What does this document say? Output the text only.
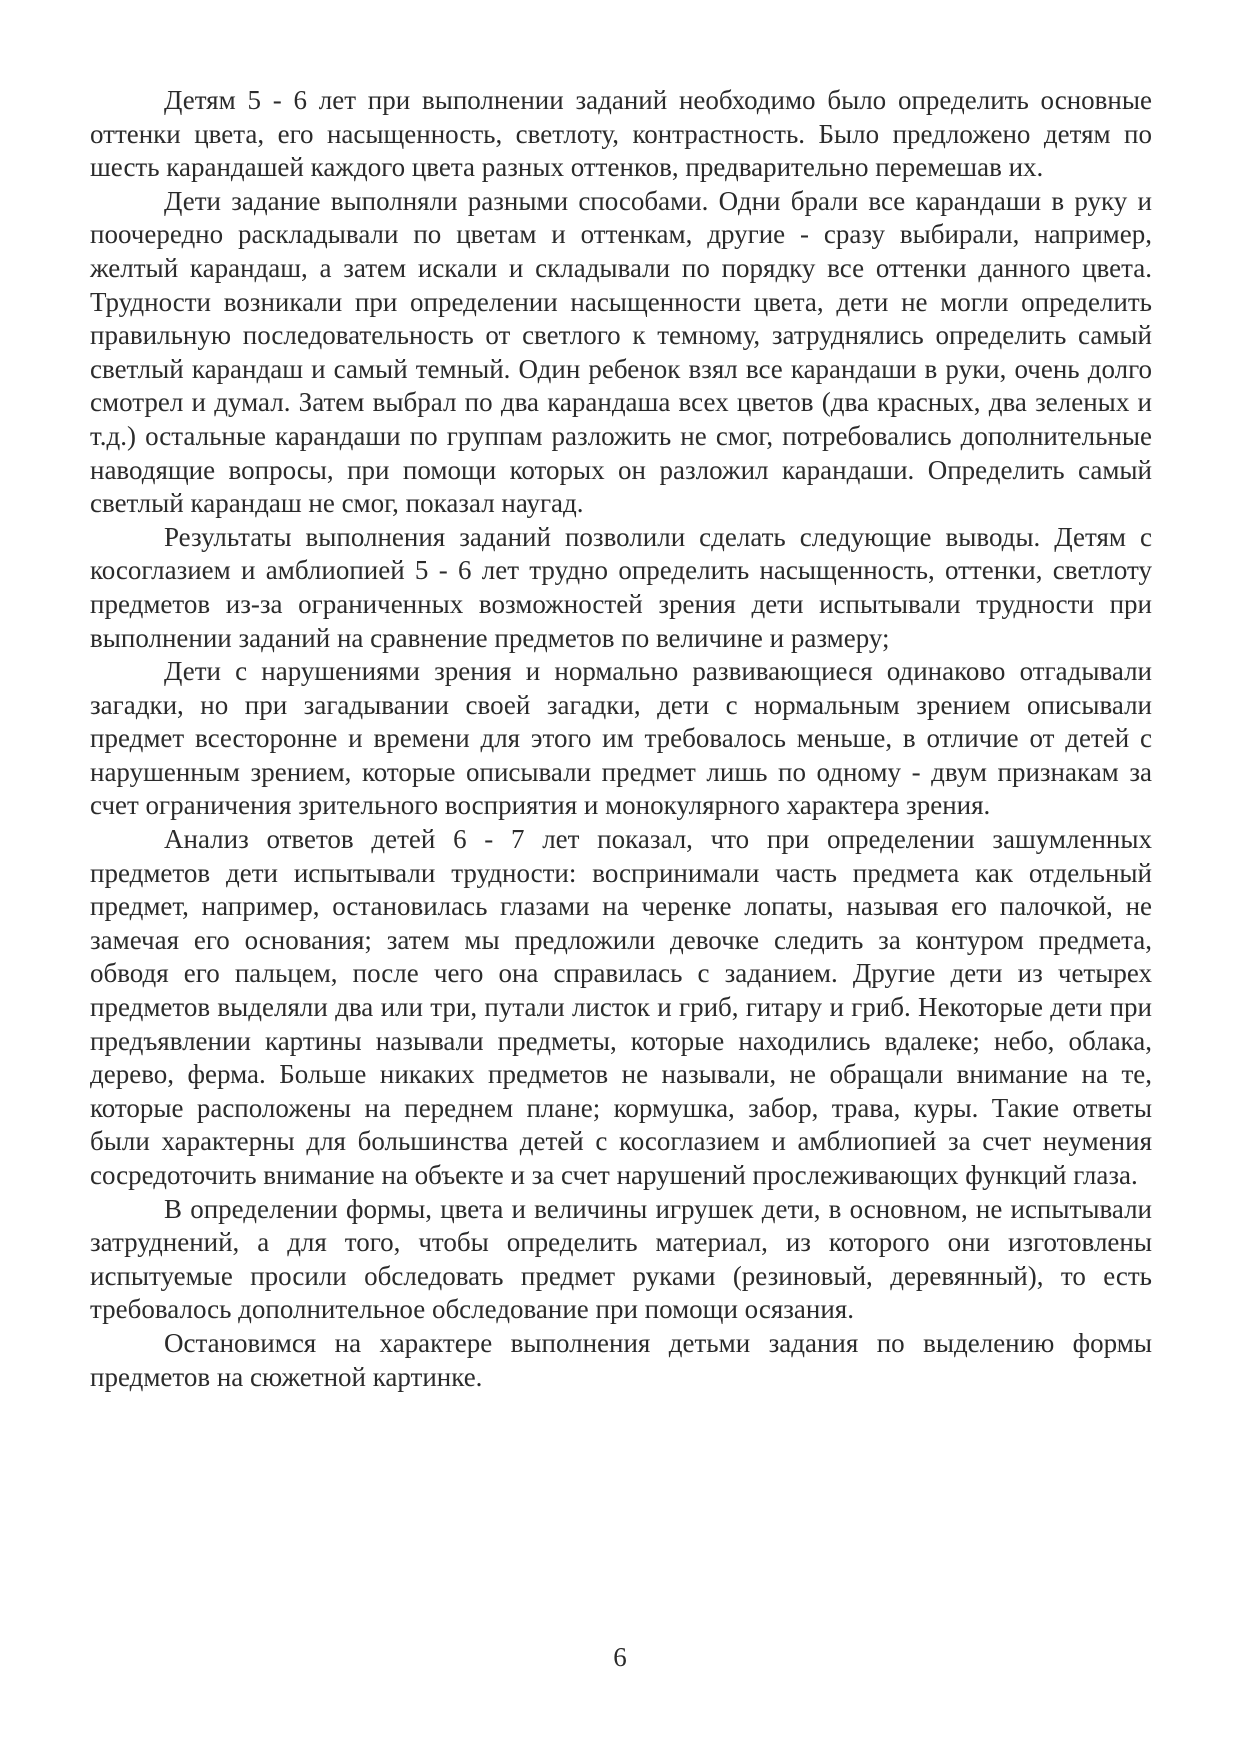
Детям 5 - 6 лет при выполнении заданий необходимо было определить основные оттенки цвета, его насыщенность, светлоту, контрастность. Было предложено детям по шесть карандашей каждого цвета разных оттенков, предварительно перемешав их.

Дети задание выполняли разными способами. Одни брали все карандаши в руку и поочередно раскладывали по цветам и оттенкам, другие - сразу выбирали, например, желтый карандаш, а затем искали и складывали по порядку все оттенки данного цвета. Трудности возникали при определении насыщенности цвета, дети не могли определить правильную последовательность от светлого к темному, затруднялись определить самый светлый карандаш и самый темный. Один ребенок взял все карандаши в руки, очень долго смотрел и думал. Затем выбрал по два карандаша всех цветов (два красных, два зеленых и т.д.) остальные карандаши по группам разложить не смог, потребовались дополнительные наводящие вопросы, при помощи которых он разложил карандаши. Определить самый светлый карандаш не смог, показал наугад.

Результаты выполнения заданий позволили сделать следующие выводы. Детям с косоглазием и амблиопией 5 - 6 лет трудно определить насыщенность, оттенки, светлоту предметов из-за ограниченных возможностей зрения дети испытывали трудности при выполнении заданий на сравнение предметов по величине и размеру;

Дети с нарушениями зрения и нормально развивающиеся одинаково отгадывали загадки, но при загадывании своей загадки, дети с нормальным зрением описывали предмет всесторонне и времени для этого им требовалось меньше, в отличие от детей с нарушенным зрением, которые описывали предмет лишь по одному - двум признакам за счет ограничения зрительного восприятия и монокулярного характера зрения.

Анализ ответов детей 6 - 7 лет показал, что при определении зашумленных предметов дети испытывали трудности: воспринимали часть предмета как отдельный предмет, например, остановилась глазами на черенке лопаты, называя его палочкой, не замечая его основания; затем мы предложили девочке следить за контуром предмета, обводя его пальцем, после чего она справилась с заданием. Другие дети из четырех предметов выделяли два или три, путали листок и гриб, гитару и гриб. Некоторые дети при предъявлении картины называли предметы, которые находились вдалеке; небо, облака, дерево, ферма. Больше никаких предметов не называли, не обращали внимание на те, которые расположены на переднем плане; кормушка, забор, трава, куры. Такие ответы были характерны для большинства детей с косоглазием и амблиопией за счет неумения сосредоточить внимание на объекте и за счет нарушений прослеживающих функций глаза.

В определении формы, цвета и величины игрушек дети, в основном, не испытывали затруднений, а для того, чтобы определить материал, из которого они изготовлены испытуемые просили обследовать предмет руками (резиновый, деревянный), то есть требовалось дополнительное обследование при помощи осязания.

Остановимся на характере выполнения детьми задания по выделению формы предметов на сюжетной картинке.

6
